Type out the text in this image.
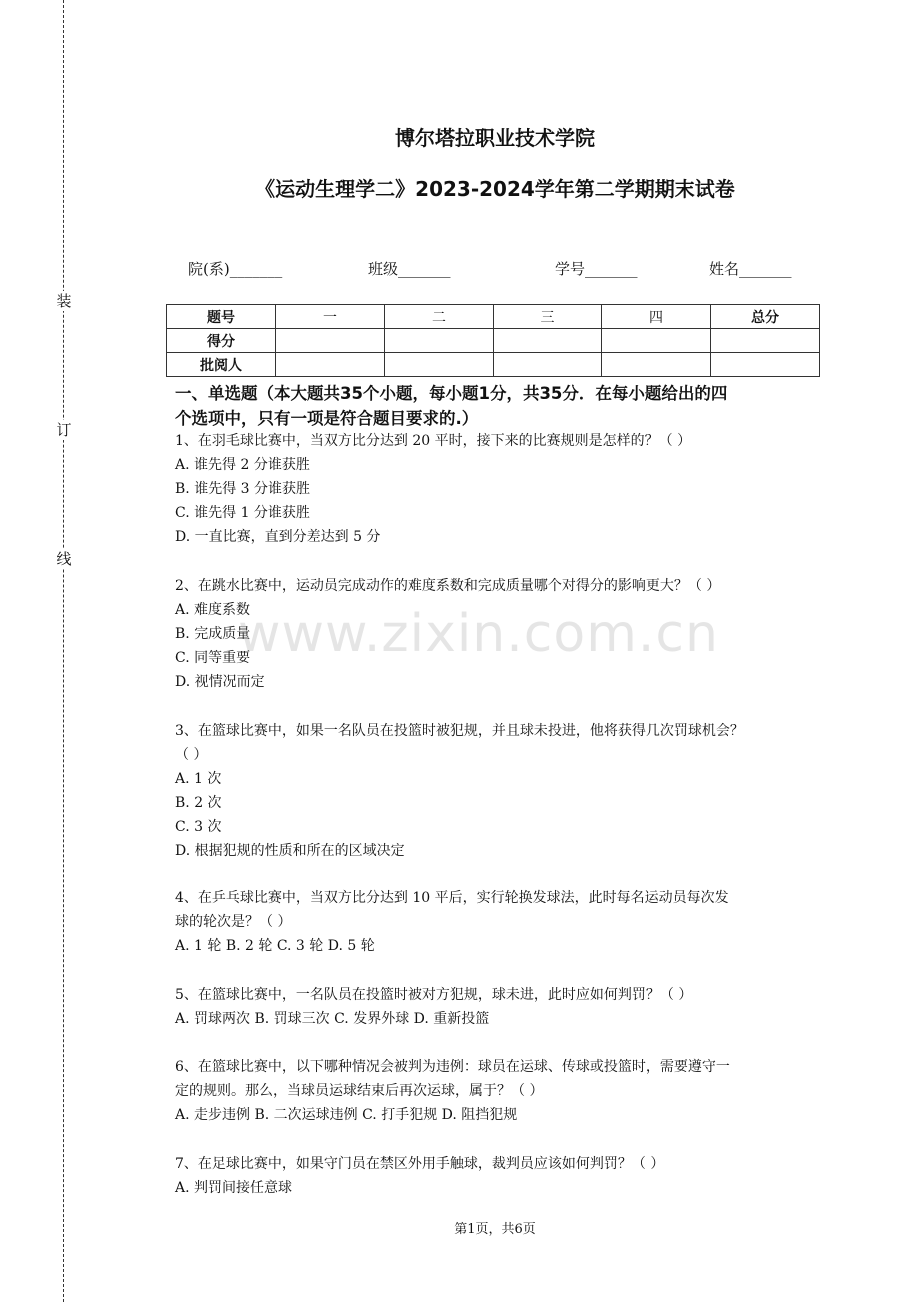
装
订
线
博尔塔拉职业技术学院
《运动生理学二》2023-2024学年第二学期期末试卷
院(系)_______	班级_______	学号_______	姓名_______
题号	一	二	三	四	总分
得分					
批阅人					
一、单选题（本大题共35个小题，每小题1分，共35分．在每小题给出的四
个选项中，只有一项是符合题目要求的.）
1、在羽毛球比赛中，当双方比分达到 20 平时，接下来的比赛规则是怎样的？（ ）
A. 谁先得 2 分谁获胜
B. 谁先得 3 分谁获胜
C. 谁先得 1 分谁获胜
D. 一直比赛，直到分差达到 5 分
2、在跳水比赛中，运动员完成动作的难度系数和完成质量哪个对得分的影响更大？（ ）
A. 难度系数
B. 完成质量
C. 同等重要
D. 视情况而定
3、在篮球比赛中，如果一名队员在投篮时被犯规，并且球未投进，他将获得几次罚球机会？
（ ）
A. 1 次
B. 2 次
C. 3 次
D. 根据犯规的性质和所在的区域决定
4、在乒乓球比赛中，当双方比分达到 10 平后，实行轮换发球法，此时每名运动员每次发
球的轮次是？（ ）
A. 1 轮 B. 2 轮 C. 3 轮 D. 5 轮
5、在篮球比赛中，一名队员在投篮时被对方犯规，球未进，此时应如何判罚？（ ）
A. 罚球两次 B. 罚球三次 C. 发界外球 D. 重新投篮
6、在篮球比赛中，以下哪种情况会被判为违例：球员在运球、传球或投篮时，需要遵守一
定的规则。那么，当球员运球结束后再次运球，属于？（ ）
A. 走步违例 B. 二次运球违例 C. 打手犯规 D. 阻挡犯规
7、在足球比赛中，如果守门员在禁区外用手触球，裁判员应该如何判罚？（ ）
A. 判罚间接任意球
www.zixin.com.cn
第1页，共6页
